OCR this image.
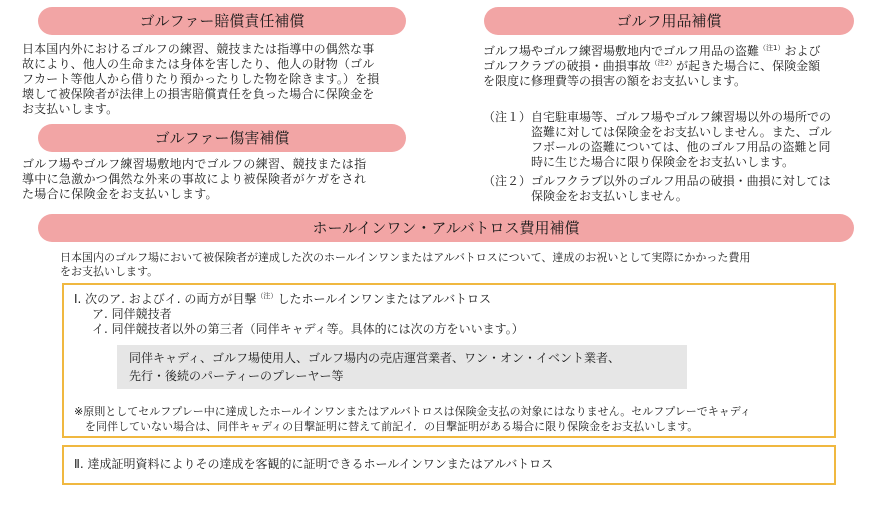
ゴルファー賠償責任補償
日本国内外におけるゴルフの練習、競技または指導中の偶然な事
故により、他人の生命または身体を害したり、他人の財物（ゴル
フカート等他人から借りたり預かったりした物を除きます。）を損
壊して被保険者が法律上の損害賠償責任を負った場合に保険金を
お支払いします。
ゴルファー傷害補償
ゴルフ場やゴルフ練習場敷地内でゴルフの練習、競技または指
導中に急激かつ偶然な外来の事故により被保険者がケガをされ
た場合に保険金をお支払いします。
ゴルフ用品補償
ゴルフ場やゴルフ練習場敷地内でゴルフ用品の盗難$^{(注1)}$および
ゴルフクラブの破損・曲損事故$^{(注2)}$が起きた場合に、保険金額
を限度に修理費等の損害の額をお支払いします。
（注１） 自宅駐車場等、ゴルフ場やゴルフ練習場以外の場所での
盗難に対しては保険金をお支払いしません。また、ゴル
フボールの盗難については、他のゴルフ用品の盗難と同
時に生じた場合に限り保険金をお支払いします。
（注２） ゴルフクラブ以外のゴルフ用品の破損・曲損に対しては
保険金をお支払いしません。
ホールインワン・アルバトロス費用補償
日本国内のゴルフ場において被保険者が達成した次のホールインワンまたはアルバトロスについて、達成のお祝いとして実際にかかった費用
をお支払いします。
Ⅰ. 次のア. およびイ. の両方が目撃$^{(注)}$したホールインワンまたはアルバトロス
ア. 同伴競技者
イ. 同伴競技者以外の第三者（同伴キャディ等。具体的には次の方をいいます。）
同伴キャディ、ゴルフ場使用人、ゴルフ場内の売店運営業者、ワン・オン・イベント業者、
先行・後続のパーティーのプレーヤー等
※原則としてセルフプレー中に達成したホールインワンまたはアルバトロスは保険金支払の対象にはなりません。セルフプレーでキャディ
　を同伴していない場合は、同伴キャディの目撃証明に替えて前記イ．の目撃証明がある場合に限り保険金をお支払いします。
Ⅱ. 達成証明資料によりその達成を客観的に証明できるホールインワンまたはアルバトロス
